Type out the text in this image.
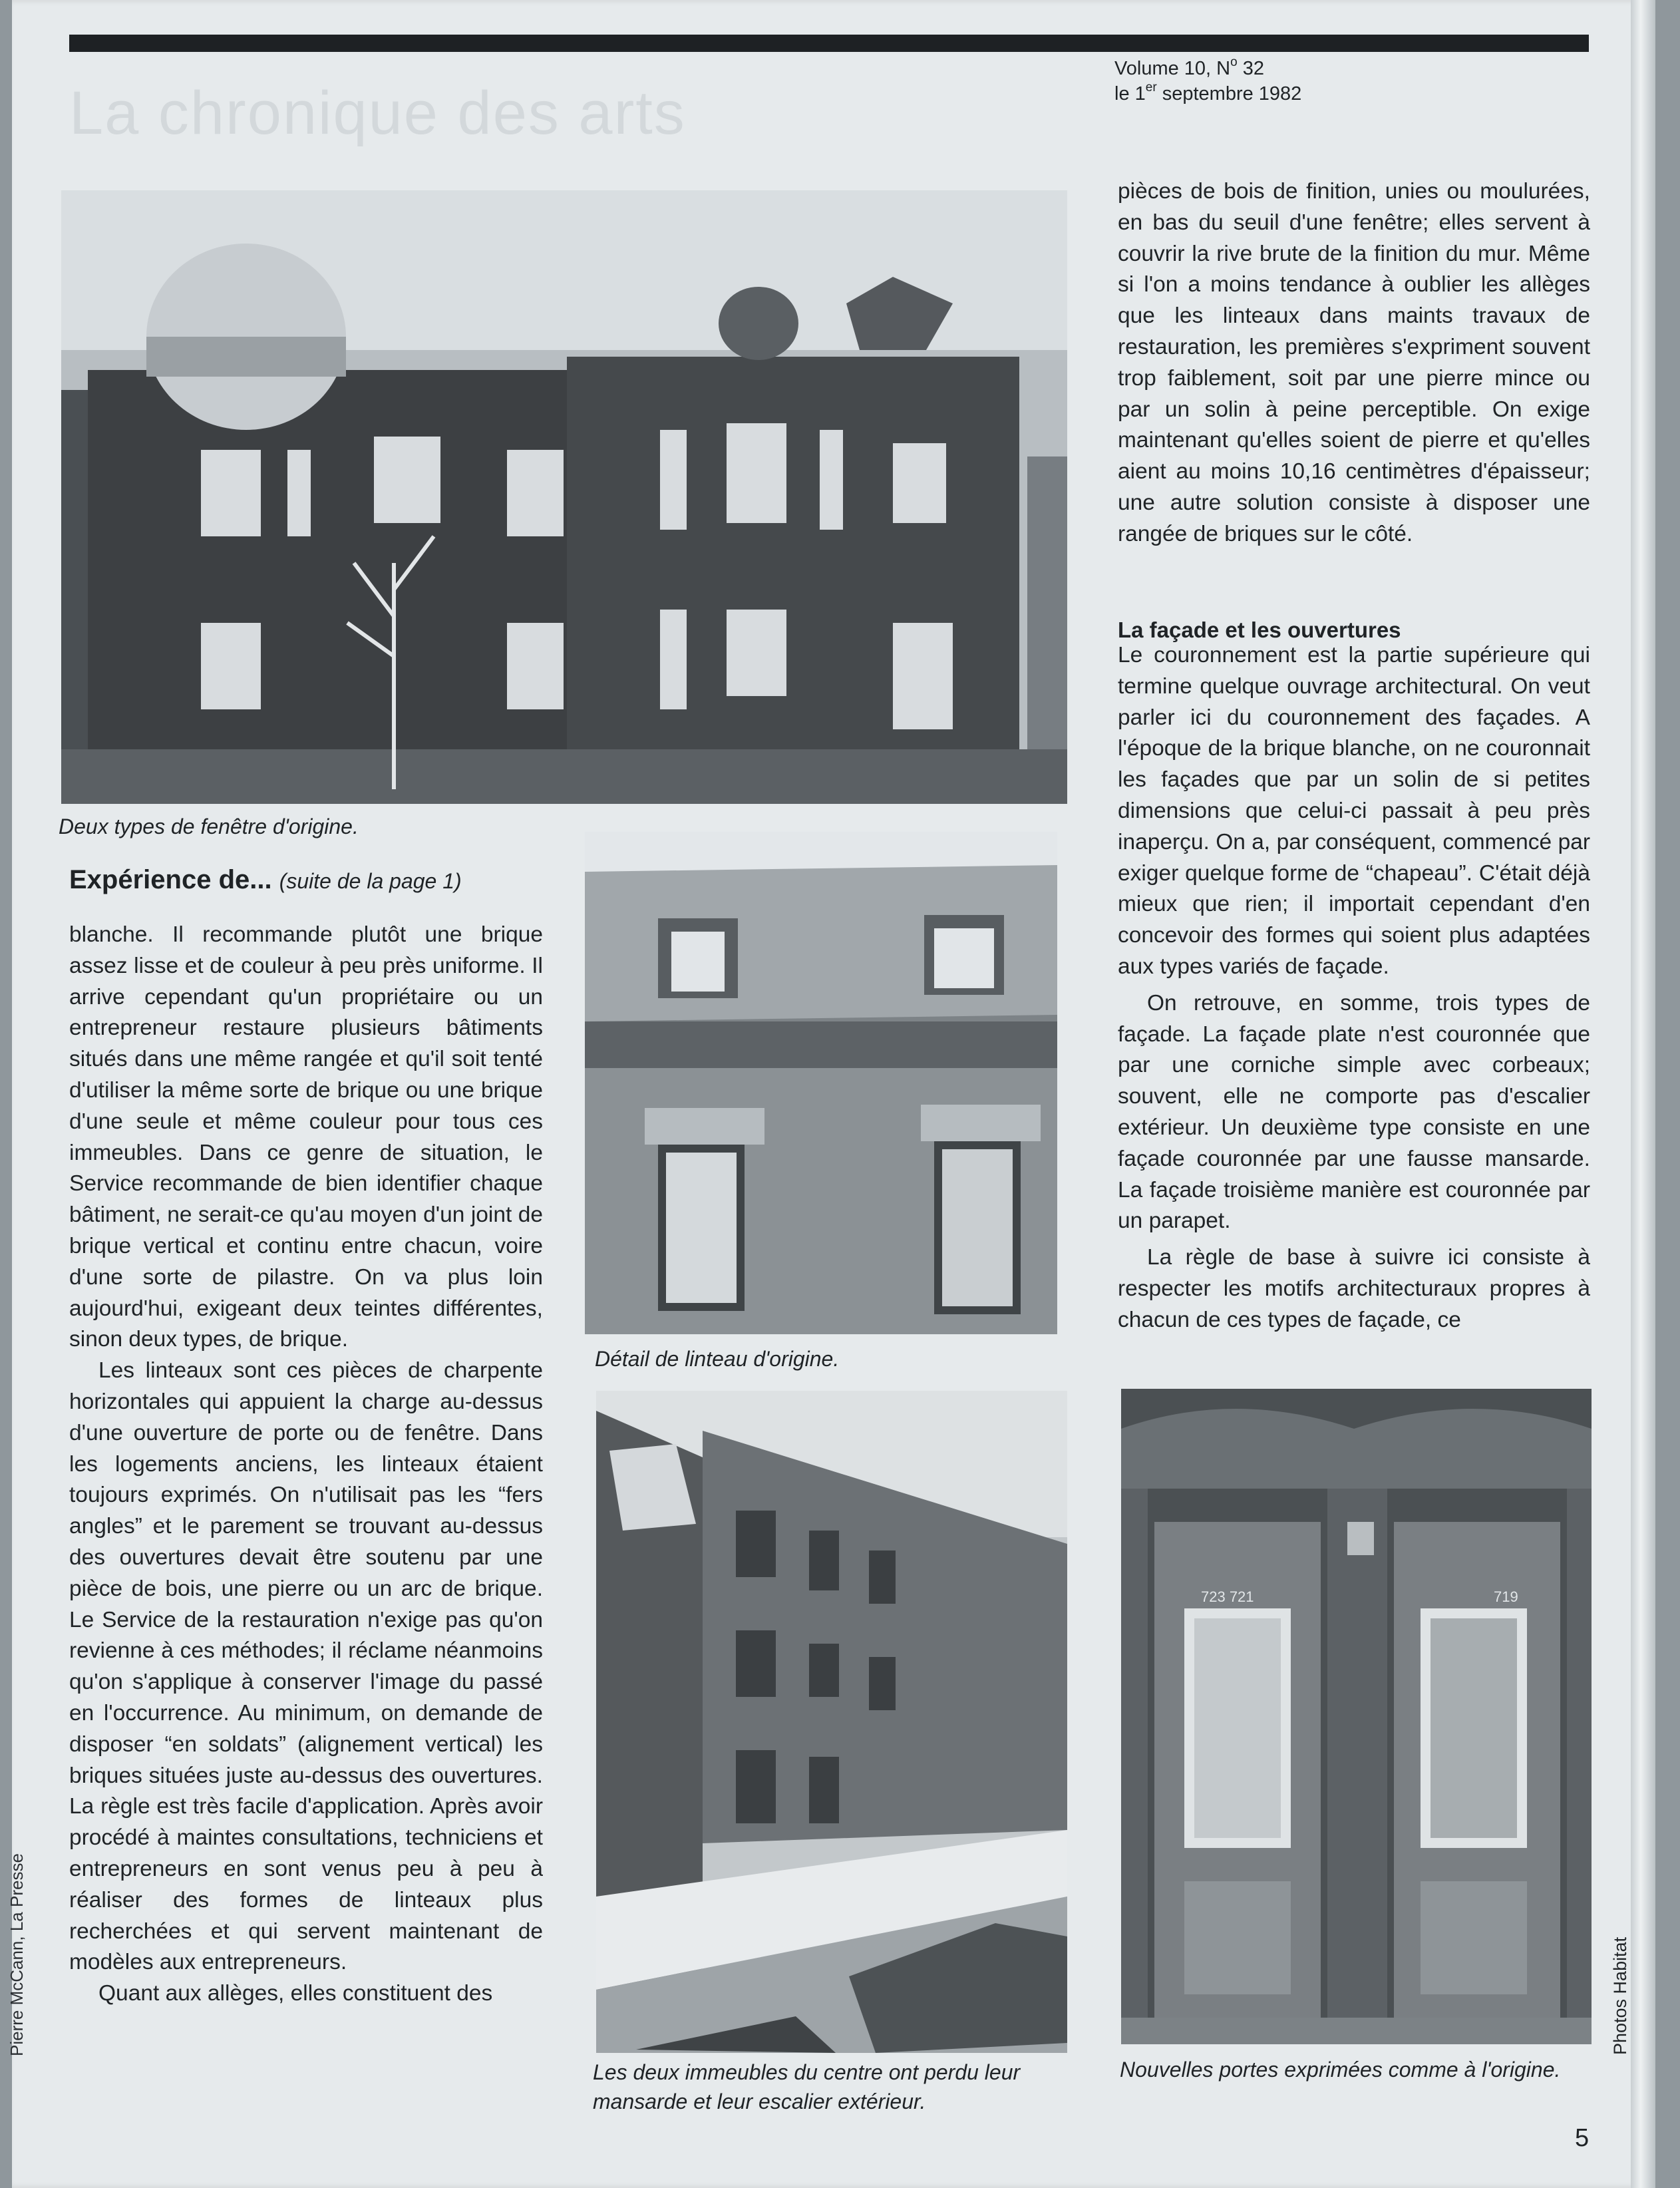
La chronique des arts
Volume 10, $N^o$ 32
le 1er septembre 1982
Deux types de fenêtre d'origine.
Détail de linteau d'origine.
Les deux immeubles du centre ont perdu leur mansarde et leur escalier extérieur.
723 721	719
Nouvelles portes exprimées comme à l'origine.
Expérience de... (suite de la page 1)

blanche. Il recommande plutôt une brique assez lisse et de couleur à peu près uniforme. Il arrive cependant qu'un propriétaire ou un entrepreneur restaure plusieurs bâtiments situés dans une même rangée et qu'il soit tenté d'utiliser la même sorte de brique ou une brique d'une seule et même couleur pour tous ces immeubles. Dans ce genre de situation, le Service recommande de bien identifier chaque bâtiment, ne serait-ce qu'au moyen d'un joint de brique vertical et continu entre chacun, voire d'une sorte de pilastre. On va plus loin aujourd'hui, exigeant deux teintes différentes, sinon deux types, de brique.

Les linteaux sont ces pièces de charpente horizontales qui appuient la charge au-dessus d'une ouverture de porte ou de fenêtre. Dans les logements anciens, les linteaux étaient toujours exprimés. On n'utilisait pas les “fers angles” et le parement se trouvant au-dessus des ouvertures devait être soutenu par une pièce de bois, une pierre ou un arc de brique. Le Service de la restauration n'exige pas qu'on revienne à ces méthodes; il réclame néanmoins qu'on s'applique à conserver l'image du passé en l'occurrence. Au minimum, on demande de disposer “en soldats” (alignement vertical) les briques situées juste au-dessus des ouvertures. La règle est très facile d'application. Après avoir procédé à maintes consultations, techniciens et entrepreneurs en sont venus peu à peu à réaliser des formes de linteaux plus recherchées et qui servent maintenant de modèles aux entrepreneurs.

Quant aux allèges, elles constituent des

pièces de bois de finition, unies ou moulurées, en bas du seuil d'une fenêtre; elles servent à couvrir la rive brute de la finition du mur. Même si l'on a moins tendance à oublier les allèges que les linteaux dans maints travaux de restauration, les premières s'expriment souvent trop faiblement, soit par une pierre mince ou par un solin à peine perceptible. On exige maintenant qu'elles soient de pierre et qu'elles aient au moins 10,16 centimètres d'épaisseur; une autre solution consiste à disposer une rangée de briques sur le côté.

La façade et les ouvertures

Le couronnement est la partie supérieure qui termine quelque ouvrage architectural. On veut parler ici du couronnement des façades. A l'époque de la brique blanche, on ne couronnait les façades que par un solin de si petites dimensions que celui-ci passait à peu près inaperçu. On a, par conséquent, commencé par exiger quelque forme de “chapeau”. C'était déjà mieux que rien; il importait cependant d'en concevoir des formes qui soient plus adaptées aux types variés de façade.

On retrouve, en somme, trois types de façade. La façade plate n'est couronnée que par une corniche simple avec corbeaux; souvent, elle ne comporte pas d'escalier extérieur. Un deuxième type consiste en une façade couronnée par une fausse mansarde. La façade troisième manière est couronnée par un parapet.

La règle de base à suivre ici consiste à respecter les motifs architecturaux propres à chacun de ces types de façade, ce

Pierre McCann, La Presse	Photos Habitat
5
